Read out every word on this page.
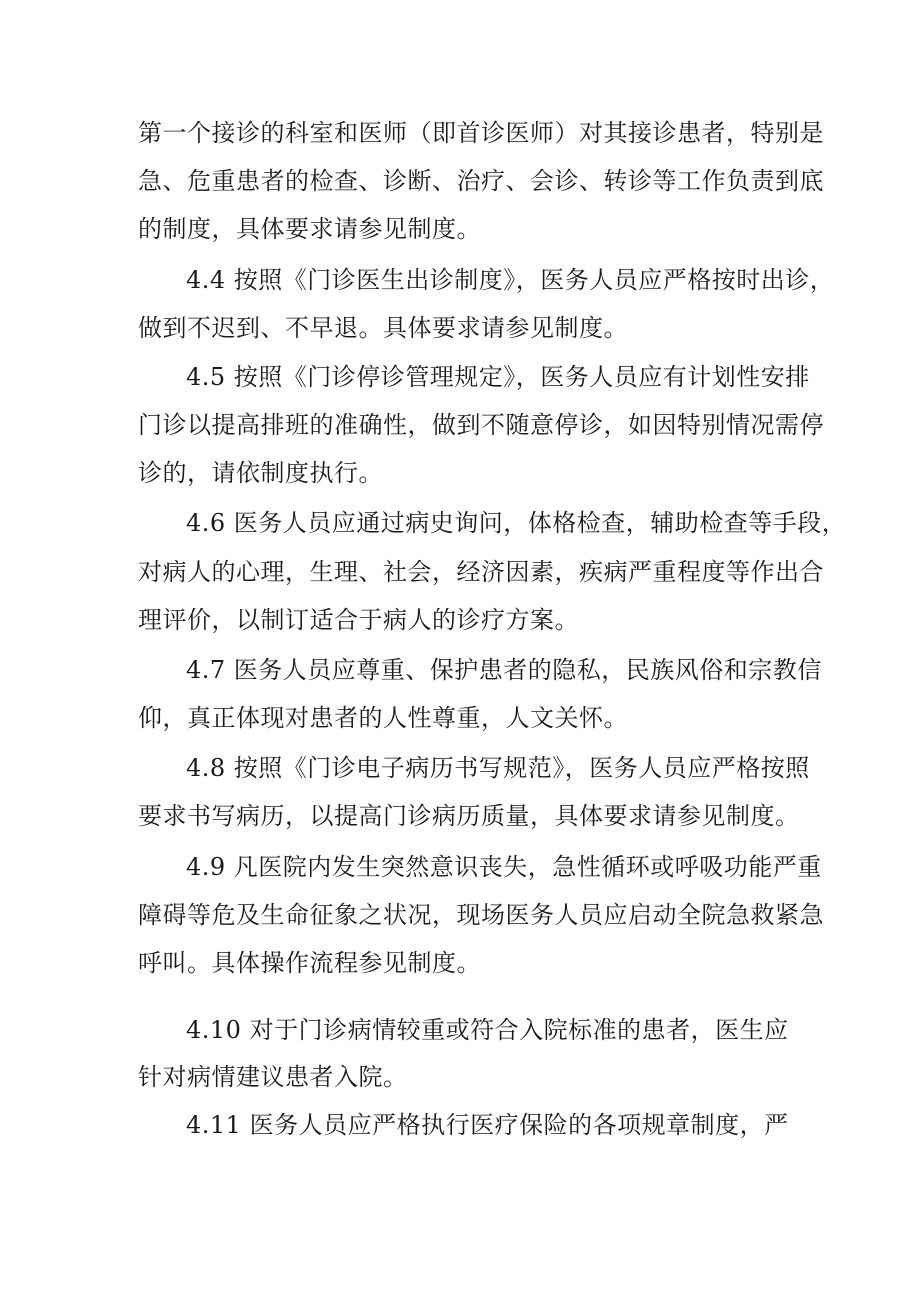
第一个接诊的科室和医师（即首诊医师）对其接诊患者，特别是
急、危重患者的检查、诊断、治疗、会诊、转诊等工作负责到底
的制度，具体要求请参见制度。
4.4 按照《门诊医生出诊制度》，医务人员应严格按时出诊，
做到不迟到、不早退。具体要求请参见制度。
4.5 按照《门诊停诊管理规定》，医务人员应有计划性安排
门诊以提高排班的准确性，做到不随意停诊，如因特别情况需停
诊的，请依制度执行。
4.6 医务人员应通过病史询问，体格检查，辅助检查等手段，
对病人的心理，生理、社会，经济因素，疾病严重程度等作出合
理评价，以制订适合于病人的诊疗方案。
4.7 医务人员应尊重、保护患者的隐私，民族风俗和宗教信
仰，真正体现对患者的人性尊重，人文关怀。
4.8 按照《门诊电子病历书写规范》，医务人员应严格按照
要求书写病历，以提高门诊病历质量，具体要求请参见制度。
4.9 凡医院内发生突然意识丧失，急性循环或呼吸功能严重
障碍等危及生命征象之状况，现场医务人员应启动全院急救紧急
呼叫。具体操作流程参见制度。
4.10 对于门诊病情较重或符合入院标准的患者，医生应
针对病情建议患者入院。
4.11 医务人员应严格执行医疗保险的各项规章制度，严
